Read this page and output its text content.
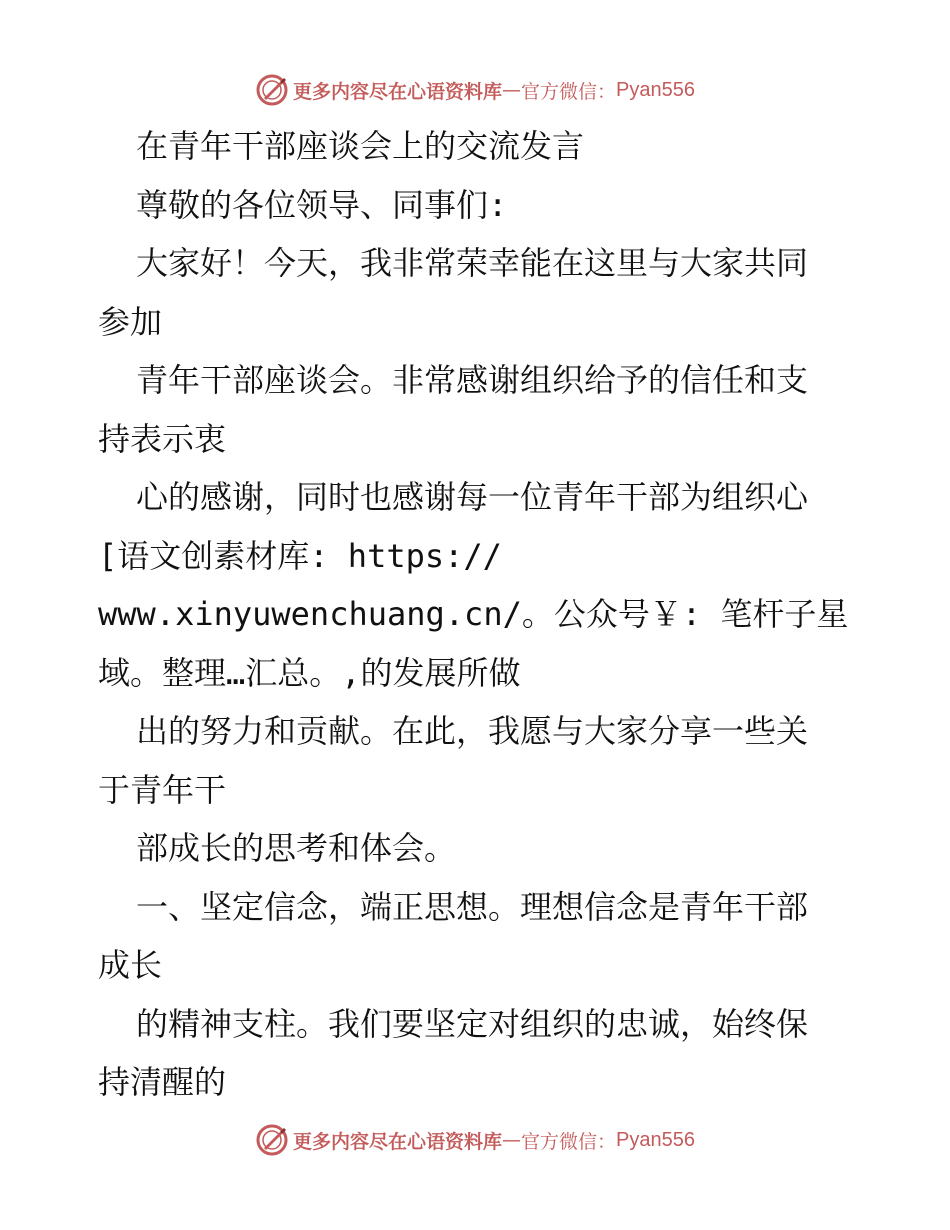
更多内容尽在心语资料库 — 官方微信： Pyan556
在青年干部座谈会上的交流发言
尊敬的各位领导、同事们:
大家好！今天，我非常荣幸能在这里与大家共同
参加
青年干部座谈会。非常感谢组织给予的信任和支
持表示衷
心的感谢，同时也感谢每一位青年干部为组织心
[语文创素材库: https://
www.xinyuwenchuang.cn/。公众号￥: 笔杆子星
域。整理…汇总。,的发展所做
出的努力和贡献。在此，我愿与大家分享一些关
于青年干
部成长的思考和体会。
一、坚定信念，端正思想。理想信念是青年干部
成长
的精神支柱。我们要坚定对组织的忠诚，始终保
持清醒的
更多内容尽在心语资料库 — 官方微信： Pyan556
